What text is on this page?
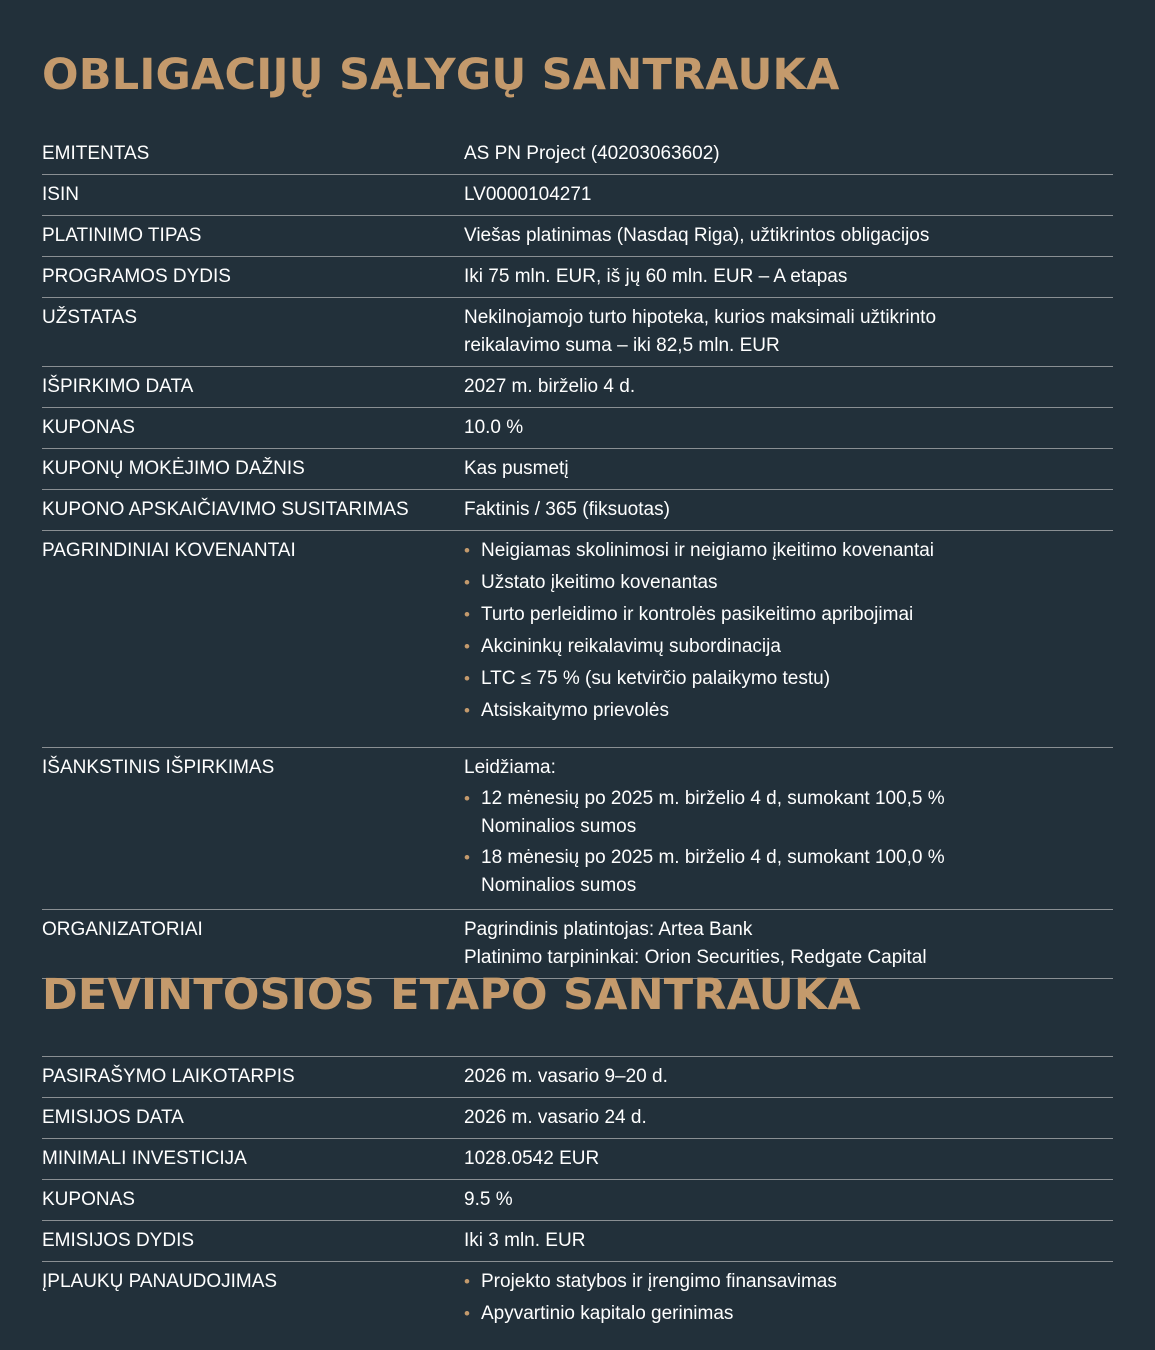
OBLIGACIJŲ SĄLYGŲ SANTRAUKA
EMITENTAS	AS PN Project (40203063602)
ISIN	LV0000104271
PLATINIMO TIPAS	Viešas platinimas (Nasdaq Riga), užtikrintos obligacijos
PROGRAMOS DYDIS	Iki 75 mln. EUR, iš jų 60 mln. EUR – A etapas
UŽSTATAS	Nekilnojamojo turto hipoteka, kurios maksimali užtikrinto
reikalavimo suma – iki 82,5 mln. EUR
IŠPIRKIMO DATA	2027 m. birželio 4 d.
KUPONAS	10.0 %
KUPONŲ MOKĖJIMO DAŽNIS	Kas pusmetį
KUPONO APSKAIČIAVIMO SUSITARIMAS	Faktinis / 365 (fiksuotas)
PAGRINDINIAI KOVENANTAI	• Neigiamas skolinimosi ir neigiamo įkeitimo kovenantai
• Užstato įkeitimo kovenantas
• Turto perleidimo ir kontrolės pasikeitimo apribojimai
• Akcininkų reikalavimų subordinacija
• LTC ≤ 75 % (su ketvirčio palaikymo testu)
• Atsiskaitymo prievolės
IŠANKSTINIS IŠPIRKIMAS	Leidžiama:
• 12 mėnesių po 2025 m. birželio 4 d, sumokant 100,5 %
Nominalios sumos
• 18 mėnesių po 2025 m. birželio 4 d, sumokant 100,0 %
Nominalios sumos
ORGANIZATORIAI	Pagrindinis platintojas: Artea Bank
Platinimo tarpininkai: Orion Securities, Redgate Capital
DEVINTOSIOS ETAPO SANTRAUKA
PASIRAŠYMO LAIKOTARPIS	2026 m. vasario 9–20 d.
EMISIJOS DATA	2026 m. vasario 24 d.
MINIMALI INVESTICIJA	1028.0542 EUR
KUPONAS	9.5 %
EMISIJOS DYDIS	Iki 3 mln. EUR
ĮPLAUKŲ PANAUDOJIMAS	• Projekto statybos ir įrengimo finansavimas
• Apyvartinio kapitalo gerinimas
